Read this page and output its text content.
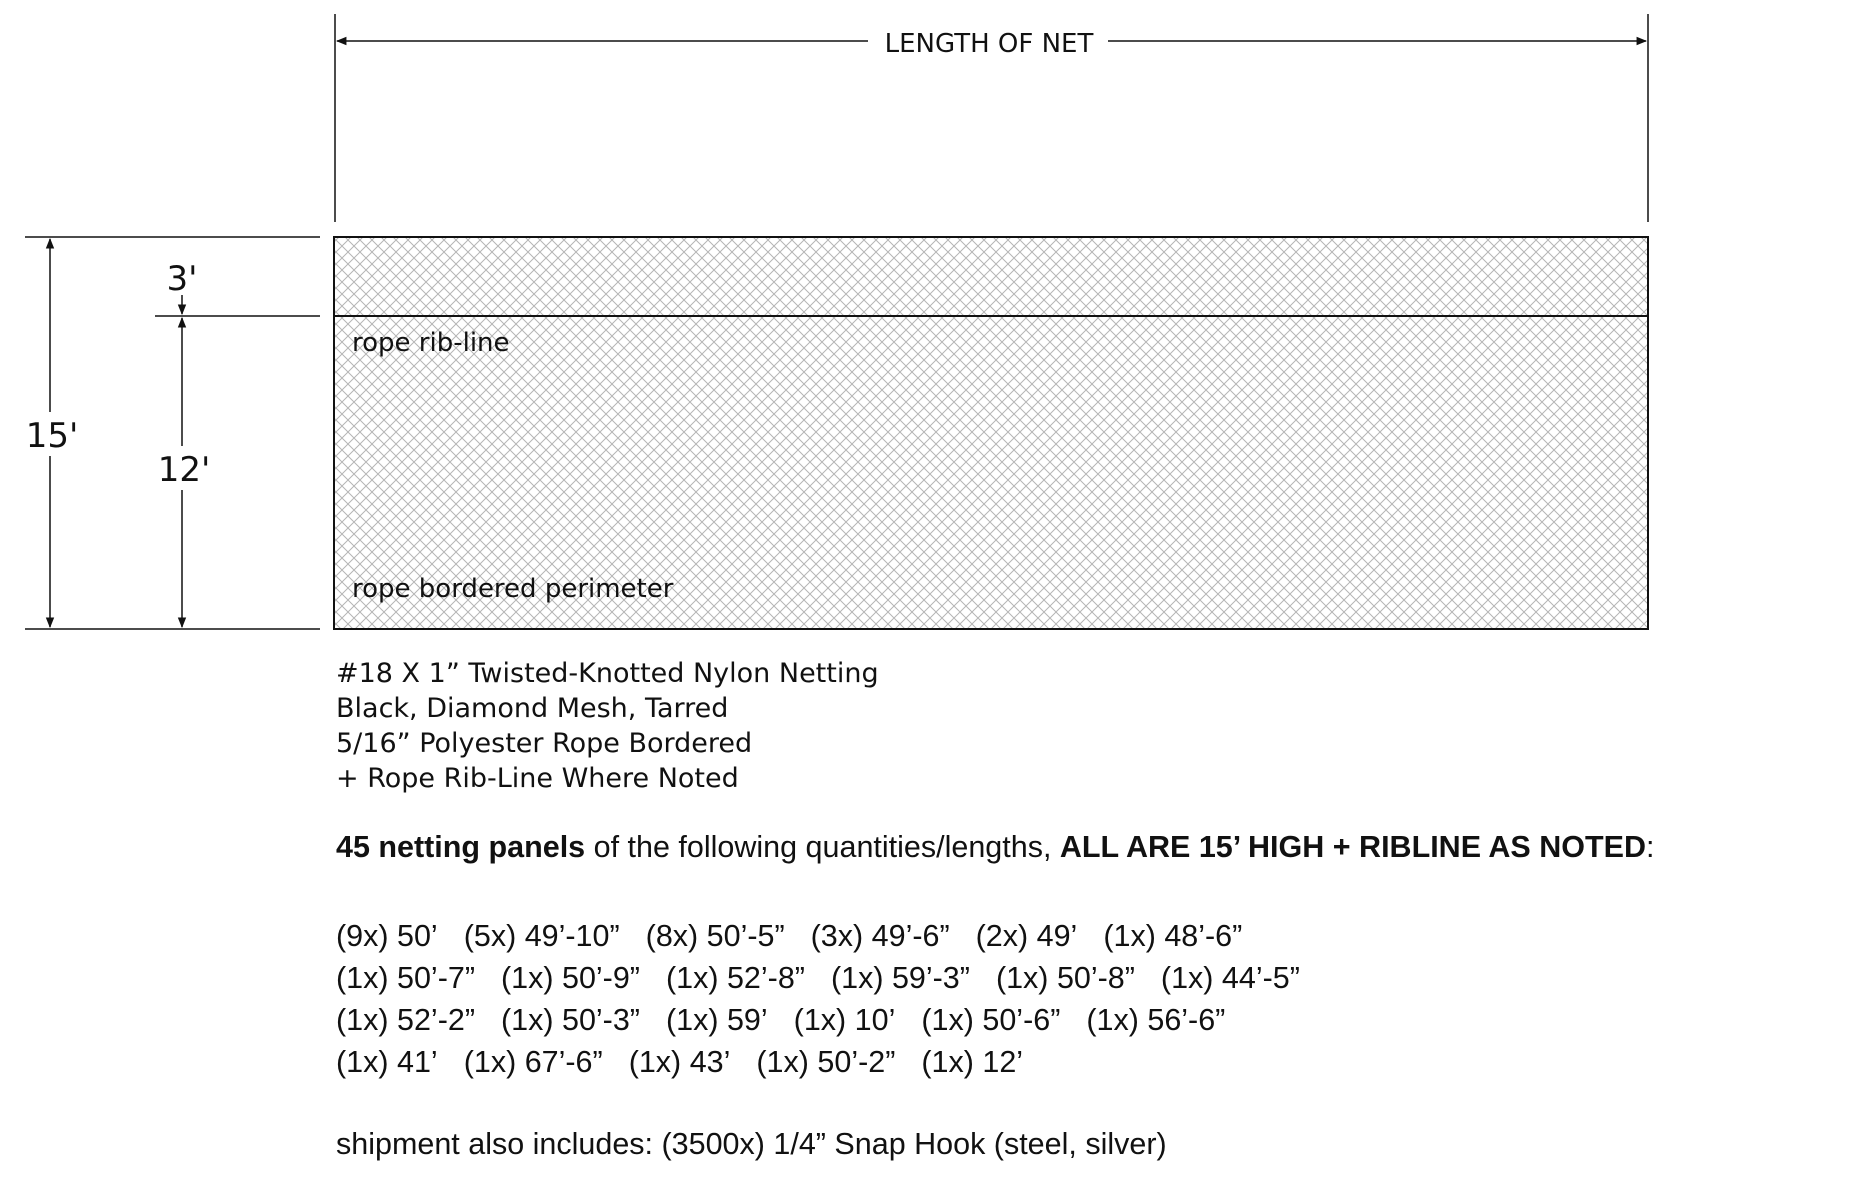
LENGTH OF NET
rope rib-line
rope bordered perimeter
15'
3'
12'
#18 X 1” Twisted-Knotted Nylon Netting
Black, Diamond Mesh, Tarred
5/16” Polyester Rope Bordered
+ Rope Rib-Line Where Noted
45 netting panels of the following quantities/lengths, ALL ARE 15’ HIGH + RIBLINE AS NOTED:
(9x) 50’ (5x) 49’-10” (8x) 50’-5” (3x) 49’-6” (2x) 49’ (1x) 48’-6”
(1x) 50’-7” (1x) 50’-9” (1x) 52’-8” (1x) 59’-3” (1x) 50’-8” (1x) 44’-5”
(1x) 52’-2” (1x) 50’-3” (1x) 59’ (1x) 10’ (1x) 50’-6” (1x) 56’-6”
(1x) 41’ (1x) 67’-6” (1x) 43’ (1x) 50’-2” (1x) 12’
shipment also includes: (3500x) 1/4” Snap Hook (steel, silver)
